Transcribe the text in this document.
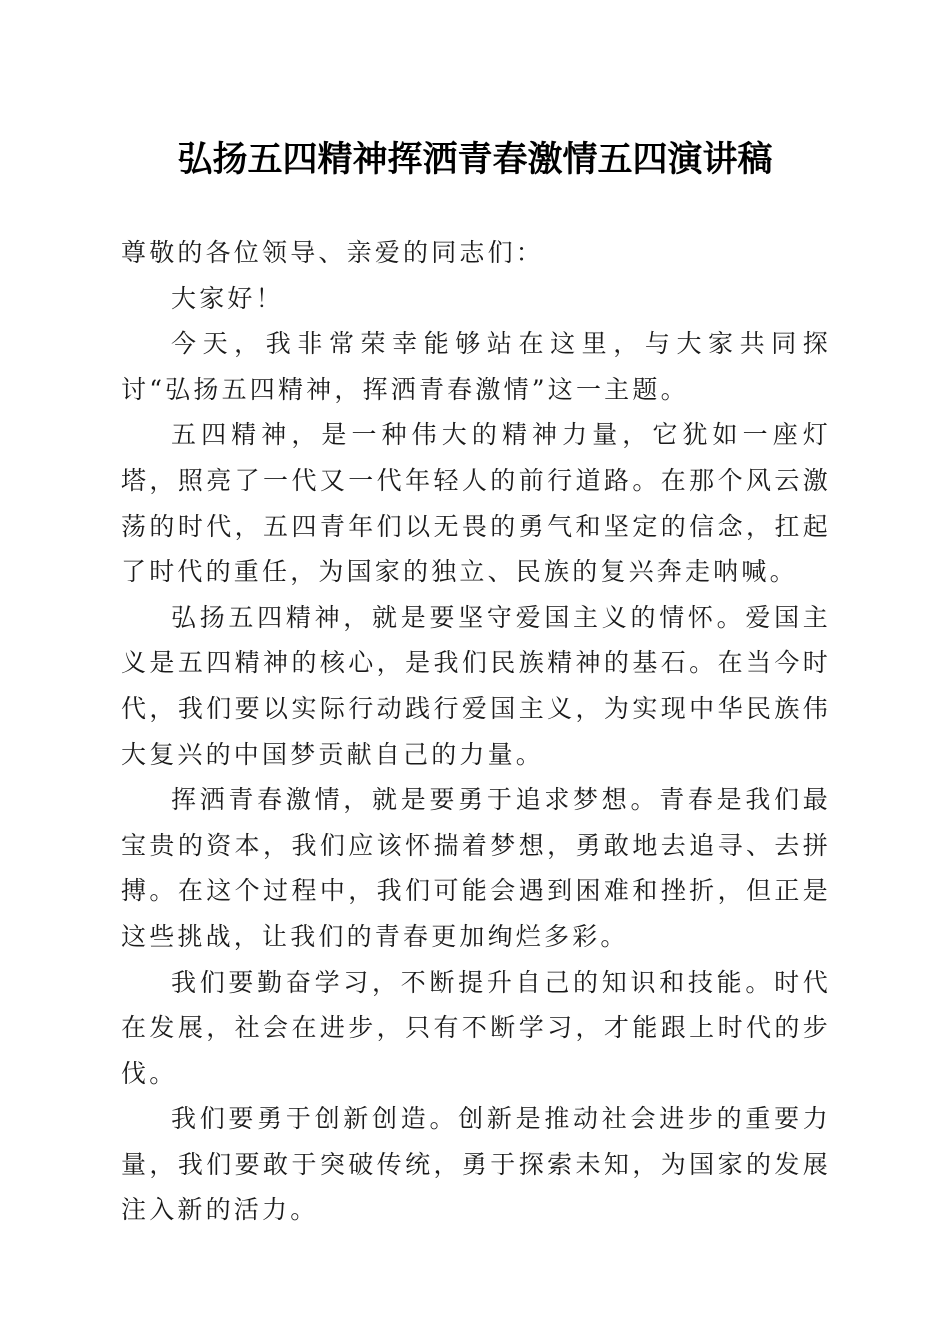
弘扬五四精神挥洒青春激情五四演讲稿

尊敬的各位领导、亲爱的同志们：

大家好！

今天，我非常荣幸能够站在这里，与大家共同探讨“弘扬五四精神，挥洒青春激情”这一主题。

五四精神，是一种伟大的精神力量，它犹如一座灯塔，照亮了一代又一代年轻人的前行道路。在那个风云激荡的时代，五四青年们以无畏的勇气和坚定的信念，扛起了时代的重任，为国家的独立、民族的复兴奔走呐喊。

弘扬五四精神，就是要坚守爱国主义的情怀。爱国主义是五四精神的核心，是我们民族精神的基石。在当今时代，我们要以实际行动践行爱国主义，为实现中华民族伟大复兴的中国梦贡献自己的力量。

挥洒青春激情，就是要勇于追求梦想。青春是我们最宝贵的资本，我们应该怀揣着梦想，勇敢地去追寻、去拼搏。在这个过程中，我们可能会遇到困难和挫折，但正是这些挑战，让我们的青春更加绚烂多彩。

我们要勤奋学习，不断提升自己的知识和技能。时代在发展，社会在进步，只有不断学习，才能跟上时代的步伐。

我们要勇于创新创造。创新是推动社会进步的重要力量，我们要敢于突破传统，勇于探索未知，为国家的发展注入新的活力。
